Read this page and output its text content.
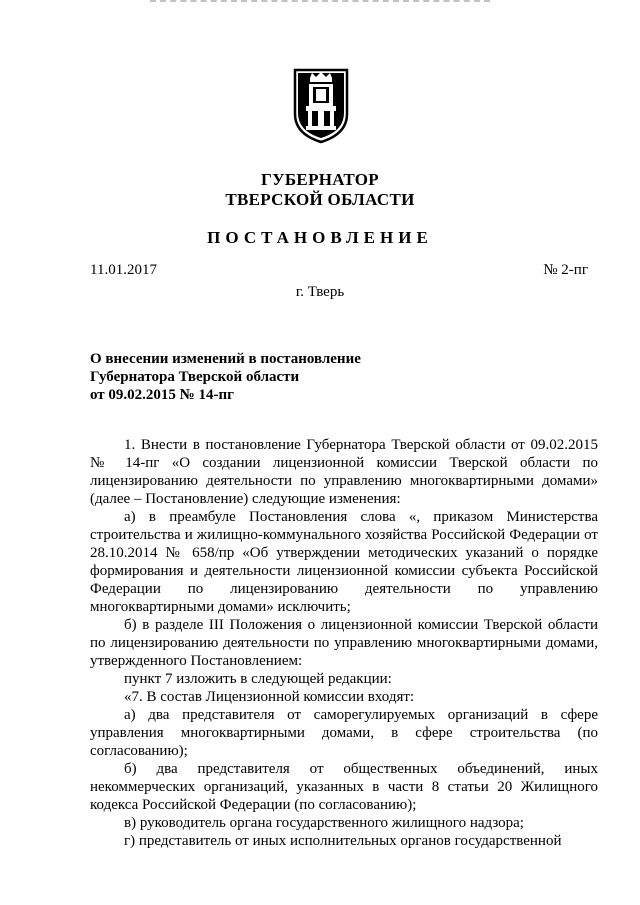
ГУБЕРНАТОР
ТВЕРСКОЙ ОБЛАСТИ
ПОСТАНОВЛЕНИЕ
11.01.2017	№ 2-пг
г. Тверь
О внесении изменений в постановление
Губернатора Тверской области
от 09.02.2015 № 14-пг

1. Внести в постановление Губернатора Тверской области от 09.02.2015 № 14-пг «О создании лицензионной комиссии Тверской области по лицензированию деятельности по управлению многоквартирными домами» (далее – Постановление) следующие изменения:

а) в преамбуле Постановления слова «, приказом Министерства строительства и жилищно-коммунального хозяйства Российской Федерации от 28.10.2014 № 658/пр «Об утверждении методических указаний о порядке формирования и деятельности лицензионной комиссии субъекта Российской Федерации по лицензированию деятельности по управлению многоквартирными домами» исключить;

б) в разделе III Положения о лицензионной комиссии Тверской области по лицензированию деятельности по управлению многоквартирными домами, утвержденного Постановлением:

пункт 7 изложить в следующей редакции:

«7. В состав Лицензионной комиссии входят:

а) два представителя от саморегулируемых организаций в сфере управления многоквартирными домами, в сфере строительства (по согласованию);

б) два представителя от общественных объединений, иных некоммерческих организаций, указанных в части 8 статьи 20 Жилищного кодекса Российской Федерации (по согласованию);

в) руководитель органа государственного жилищного надзора;

г) представитель от иных исполнительных органов государственной
